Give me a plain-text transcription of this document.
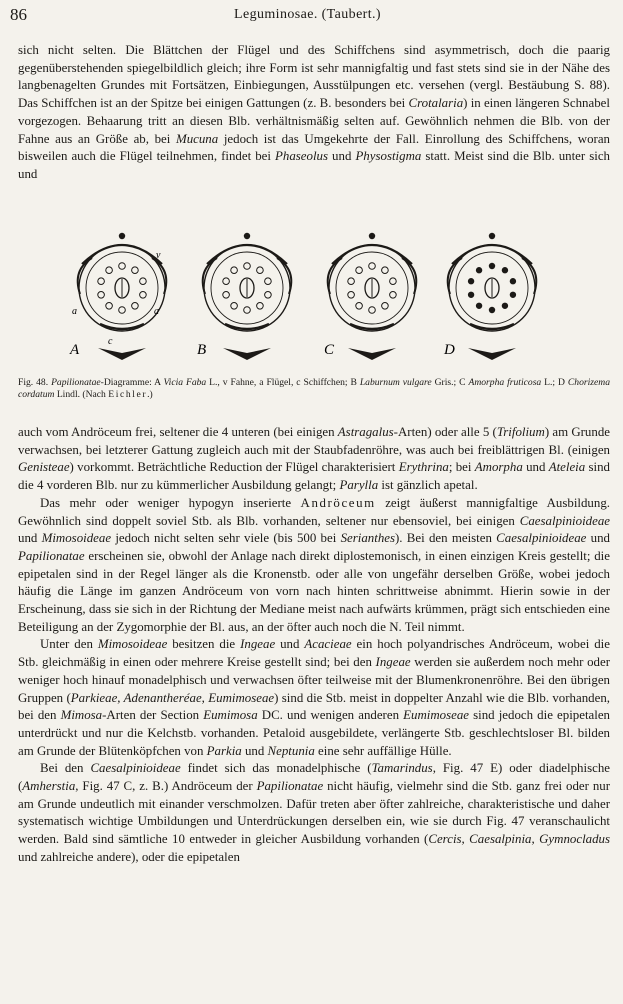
86	Leguminosae. (Taubert.)

sich nicht selten. Die Blättchen der Flügel und des Schiffchens sind asymmetrisch, doch die paarig gegenüberstehenden spiegelbildlich gleich; ihre Form ist sehr mannigfaltig und fast stets sind sie in der Nähe des langbenagelten Grundes mit Fortsätzen, Einbiegungen, Ausstülpungen etc. versehen (vergl. Bestäubung S. 88). Das Schiffchen ist an der Spitze bei einigen Gattungen (z. B. besonders bei Crotalaria) in einen längeren Schnabel vorgezogen. Behaarung tritt an diesen Blb. verhältnismäßig selten auf. Gewöhnlich nehmen die Blb. von der Fahne aus an Größe ab, bei Mucuna jedoch ist das Umgekehrte der Fall. Einrollung des Schiffchens, woran bisweilen auch die Flügel teilnehmen, findet bei Phaseolus und Physostigma statt. Meist sind die Blb. unter sich und

A	B	C	D
v
a	a
c

Fig. 48. Papilionatae-Diagramme: A Vicia Faba L., v Fahne, a Flügel, c Schiffchen; B Laburnum vulgare Gris.; C Amorpha fruticosa L.; D Chorizema cordatum Lindl. (Nach Eichler.)

auch vom Andröceum frei, seltener die 4 unteren (bei einigen Astragalus-Arten) oder alle 5 (Trifolium) am Grunde verwachsen, bei letzterer Gattung zugleich auch mit der Staubfadenröhre, was auch bei freiblättrigen Bl. (einigen Genisteae) vorkommt. Beträchtliche Reduction der Flügel charakterisiert Erythrina; bei Amorpha und Ateleia sind die 4 vorderen Blb. nur zu kümmerlicher Ausbildung gelangt; Parylla ist gänzlich apetal.

Das mehr oder weniger hypogyn inserierte Andröceum zeigt äußerst mannigfaltige Ausbildung. Gewöhnlich sind doppelt soviel Stb. als Blb. vorhanden, seltener nur ebensoviel, bei einigen Caesalpinioideae und Mimosoideae jedoch nicht selten sehr viele (bis 500 bei Serianthes). Bei den meisten Caesalpinioideae und Papilionatae erscheinen sie, obwohl der Anlage nach direkt diplostemonisch, in einen einzigen Kreis gestellt; die epipetalen sind in der Regel länger als die Kronenstb. oder alle von ungefähr derselben Größe, wobei jedoch häufig die Länge im ganzen Andröceum von vorn nach hinten schrittweise abnimmt. Hierin sowie in der Erscheinung, dass sie sich in der Richtung der Mediane meist nach aufwärts krümmen, prägt sich entschieden eine Beteiligung an der Zygomorphie der Bl. aus, an der öfter auch noch die N. Teil nimmt.

Unter den Mimosoideae besitzen die Ingeae und Acacieae ein hoch polyandrisches Andröceum, wobei die Stb. gleichmäßig in einen oder mehrere Kreise gestellt sind; bei den Ingeae werden sie außerdem noch mehr oder weniger hoch hinauf monadelphisch und verwachsen öfter teilweise mit der Blumenkronenröhre. Bei den übrigen Gruppen (Parkieae, Adenantheréae, Eumimoseae) sind die Stb. meist in doppelter Anzahl wie die Blb. vorhanden, bei den Mimosa-Arten der Section Eumimosa DC. und wenigen anderen Eumimoseae sind jedoch die epipetalen unterdrückt und nur die Kelchstb. vorhanden. Petaloid ausgebildete, verlängerte Stb. geschlechtsloser Bl. bilden am Grunde der Blütenköpfchen von Parkia und Neptunia eine sehr auffällige Hülle.

Bei den Caesalpinioideae findet sich das monadelphische (Tamarindus, Fig. 47 E) oder diadelphische (Amherstia, Fig. 47 C, z. B.) Andröceum der Papilionatae nicht häufig, vielmehr sind die Stb. ganz frei oder nur am Grunde undeutlich mit einander verschmolzen. Dafür treten aber öfter zahlreiche, charakteristische und daher systematisch wichtige Umbildungen und Unterdrückungen derselben ein, wie sie durch Fig. 47 veranschaulicht werden. Bald sind sämtliche 10 entweder in gleicher Ausbildung vorhanden (Cercis, Caesalpinia, Gymnocladus und zahlreiche andere), oder die epipetalen
